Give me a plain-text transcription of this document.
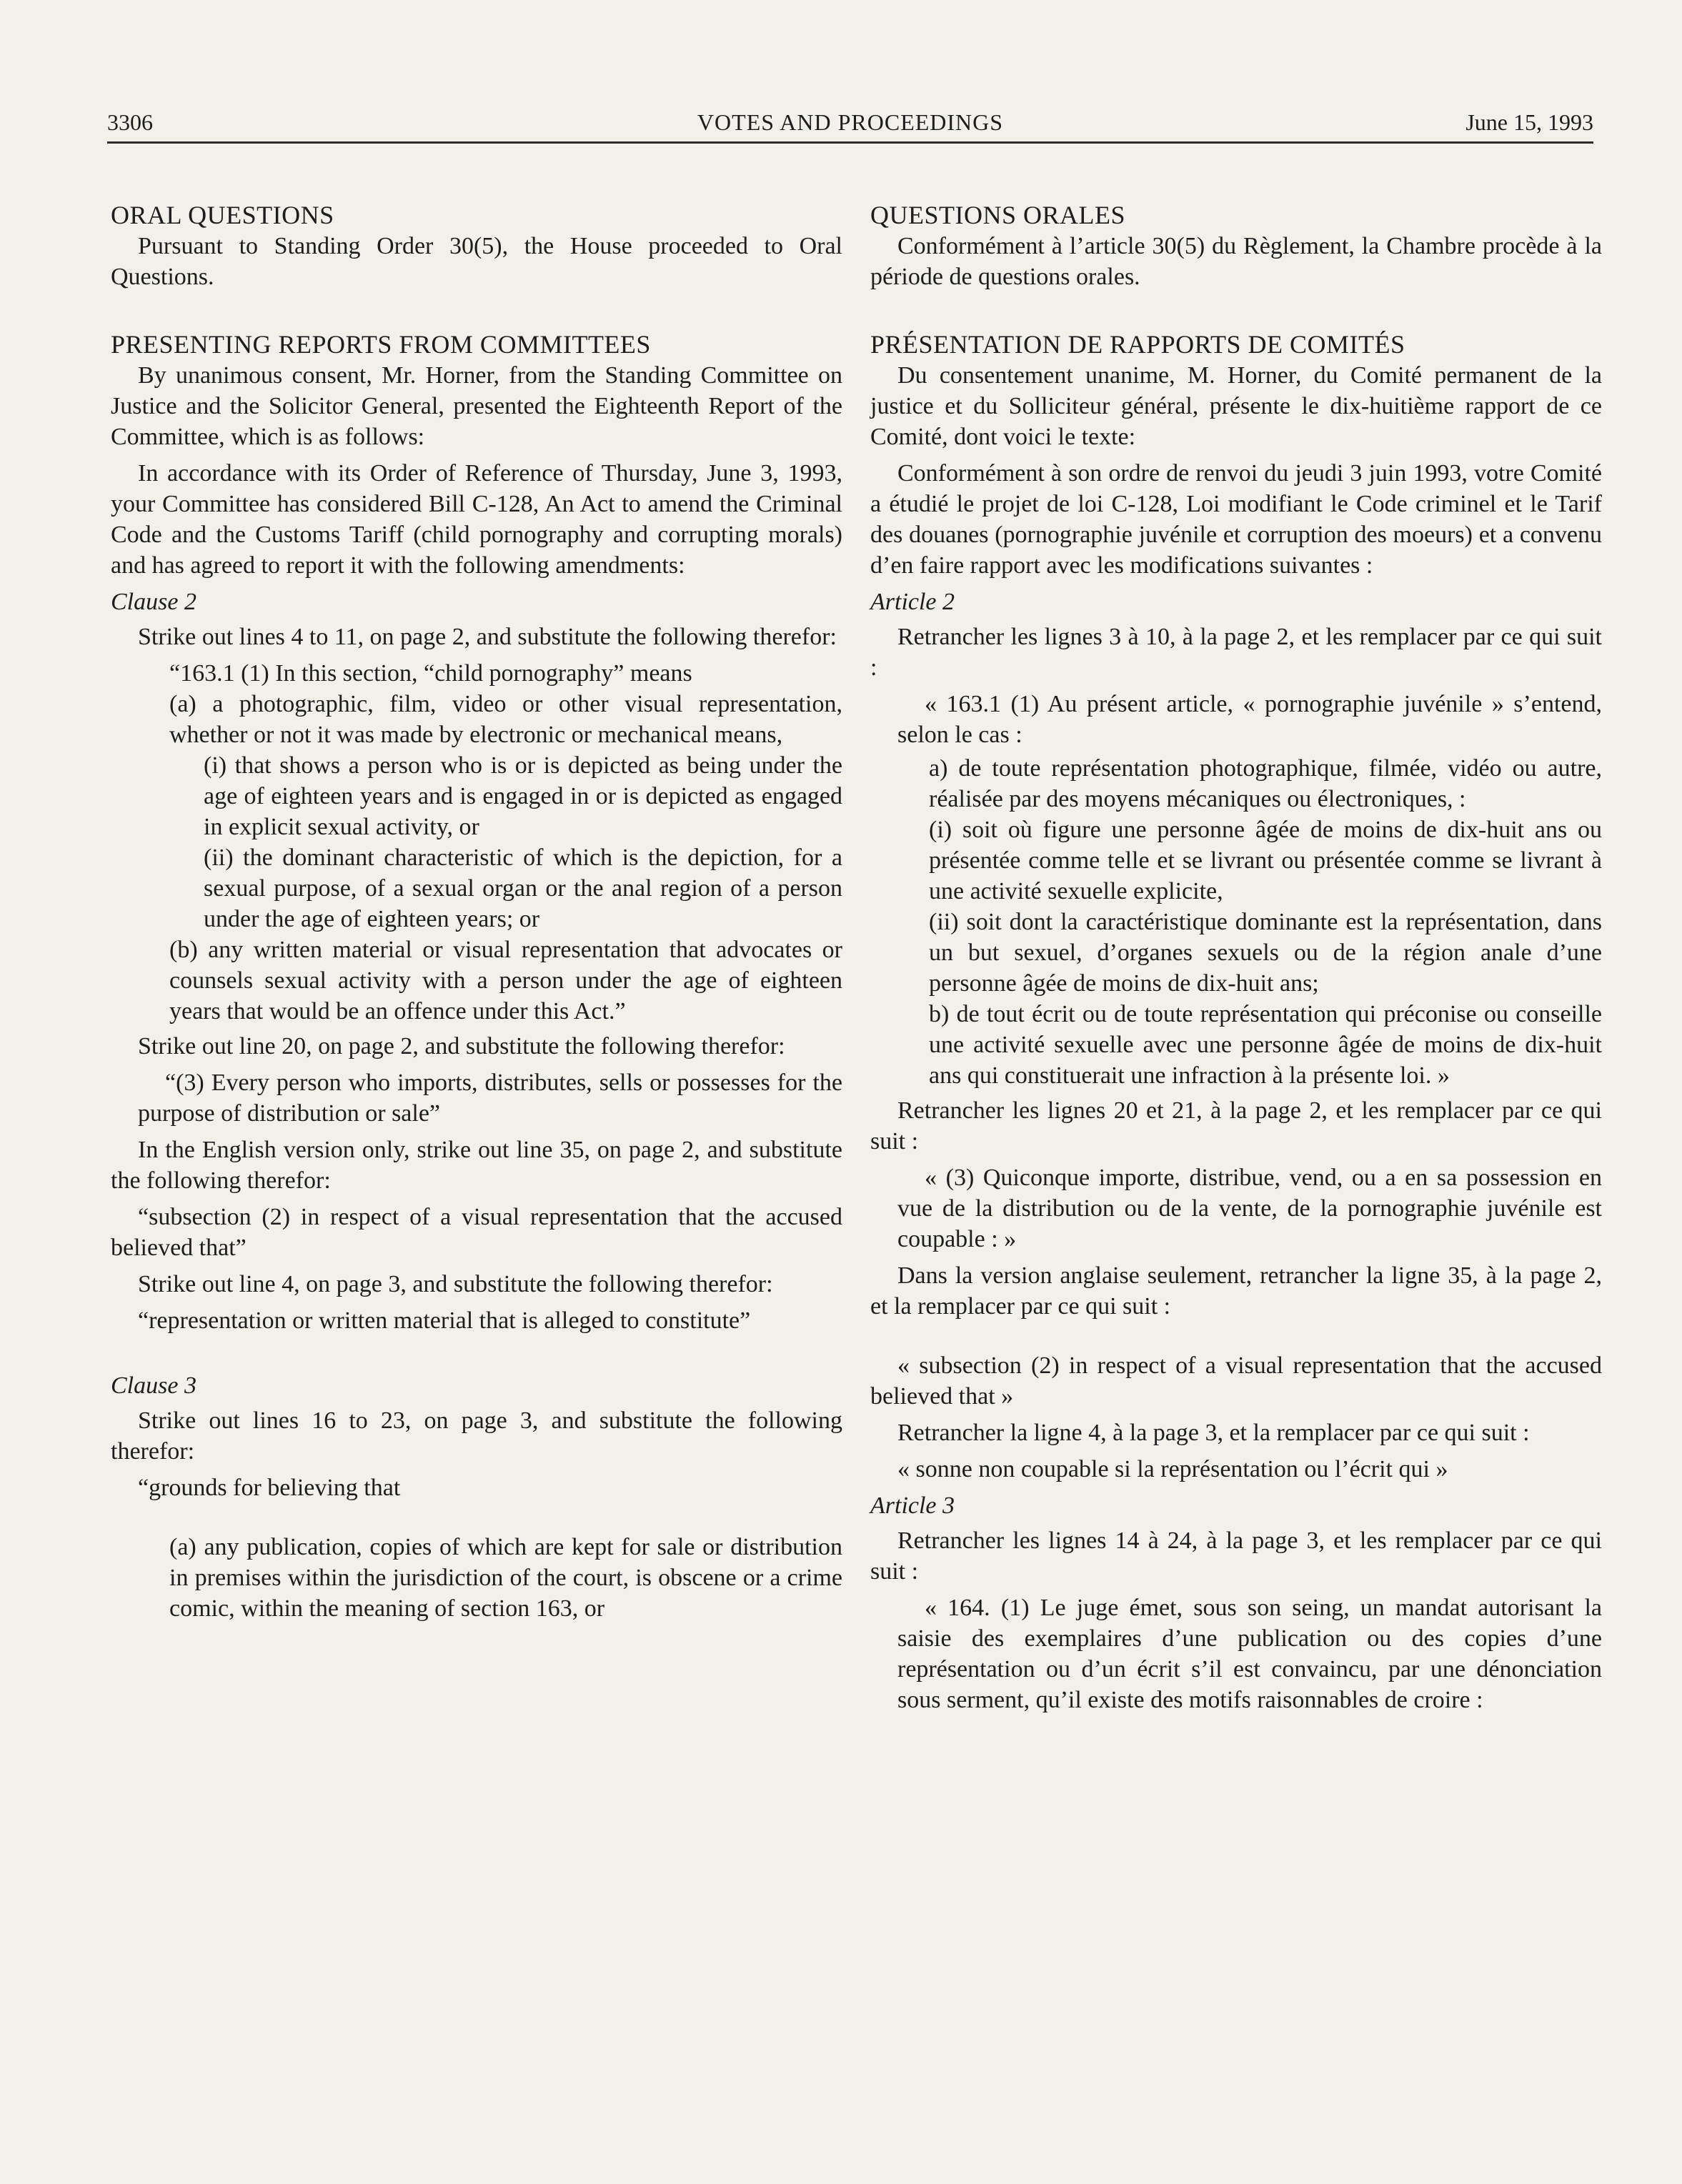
3306	VOTES AND PROCEEDINGS	June 15, 1993

ORAL QUESTIONS

Pursuant to Standing Order 30(5), the House proceeded to Oral Questions.

PRESENTING REPORTS FROM COMMITTEES

By unanimous consent, Mr. Horner, from the Standing Committee on Justice and the Solicitor General, presented the Eighteenth Report of the Committee, which is as follows:

In accordance with its Order of Reference of Thursday, June 3, 1993, your Committee has considered Bill C-128, An Act to amend the Criminal Code and the Customs Tariff (child pornography and corrupting morals) and has agreed to report it with the following amendments:

Clause 2

Strike out lines 4 to 11, on page 2, and substitute the following therefor:

“163.1 (1) In this section, “child pornography” means

(a) a photographic, film, video or other visual representation, whether or not it was made by electronic or mechanical means,

(i) that shows a person who is or is depicted as being under the age of eighteen years and is engaged in or is depicted as engaged in explicit sexual activity, or

(ii) the dominant characteristic of which is the depiction, for a sexual purpose, of a sexual organ or the anal region of a person under the age of eighteen years; or

(b) any written material or visual representation that advocates or counsels sexual activity with a person under the age of eighteen years that would be an offence under this Act.”

Strike out line 20, on page 2, and substitute the following therefor:

“(3) Every person who imports, distributes, sells or possesses for the purpose of distribution or sale”

In the English version only, strike out line 35, on page 2, and substitute the following therefor:

“subsection (2) in respect of a visual representation that the accused believed that”

Strike out line 4, on page 3, and substitute the following therefor:

“representation or written material that is alleged to constitute”

Clause 3

Strike out lines 16 to 23, on page 3, and substitute the following therefor:

“grounds for believing that

(a) any publication, copies of which are kept for sale or distribution in premises within the jurisdiction of the court, is obscene or a crime comic, within the meaning of section 163, or

QUESTIONS ORALES

Conformément à l’article 30(5) du Règlement, la Chambre procède à la période de questions orales.

PRÉSENTATION DE RAPPORTS DE COMITÉS

Du consentement unanime, M. Horner, du Comité permanent de la justice et du Solliciteur général, présente le dix-huitième rapport de ce Comité, dont voici le texte:

Conformément à son ordre de renvoi du jeudi 3 juin 1993, votre Comité a étudié le projet de loi C-128, Loi modifiant le Code criminel et le Tarif des douanes (pornographie juvénile et corruption des moeurs) et a convenu d’en faire rapport avec les modifications suivantes :

Article 2

Retrancher les lignes 3 à 10, à la page 2, et les remplacer par ce qui suit :

« 163.1 (1) Au présent article, « pornographie juvénile » s’entend, selon le cas :

a) de toute représentation photographique, filmée, vidéo ou autre, réalisée par des moyens mécaniques ou électroniques, :

(i) soit où figure une personne âgée de moins de dix-huit ans ou présentée comme telle et se livrant ou présentée comme se livrant à une activité sexuelle explicite,

(ii) soit dont la caractéristique dominante est la représentation, dans un but sexuel, d’organes sexuels ou de la région anale d’une personne âgée de moins de dix-huit ans;

b) de tout écrit ou de toute représentation qui préconise ou conseille une activité sexuelle avec une personne âgée de moins de dix-huit ans qui constituerait une infraction à la présente loi. »

Retrancher les lignes 20 et 21, à la page 2, et les remplacer par ce qui suit :

« (3) Quiconque importe, distribue, vend, ou a en sa possession en vue de la distribution ou de la vente, de la pornographie juvénile est coupable : »

Dans la version anglaise seulement, retrancher la ligne 35, à la page 2, et la remplacer par ce qui suit :

« subsection (2) in respect of a visual representation that the accused believed that »

Retrancher la ligne 4, à la page 3, et la remplacer par ce qui suit :

« sonne non coupable si la représentation ou l’écrit qui »

Article 3

Retrancher les lignes 14 à 24, à la page 3, et les remplacer par ce qui suit :

« 164. (1) Le juge émet, sous son seing, un mandat autorisant la saisie des exemplaires d’une publication ou des copies d’une représentation ou d’un écrit s’il est convaincu, par une dénonciation sous serment, qu’il existe des motifs raisonnables de croire :
